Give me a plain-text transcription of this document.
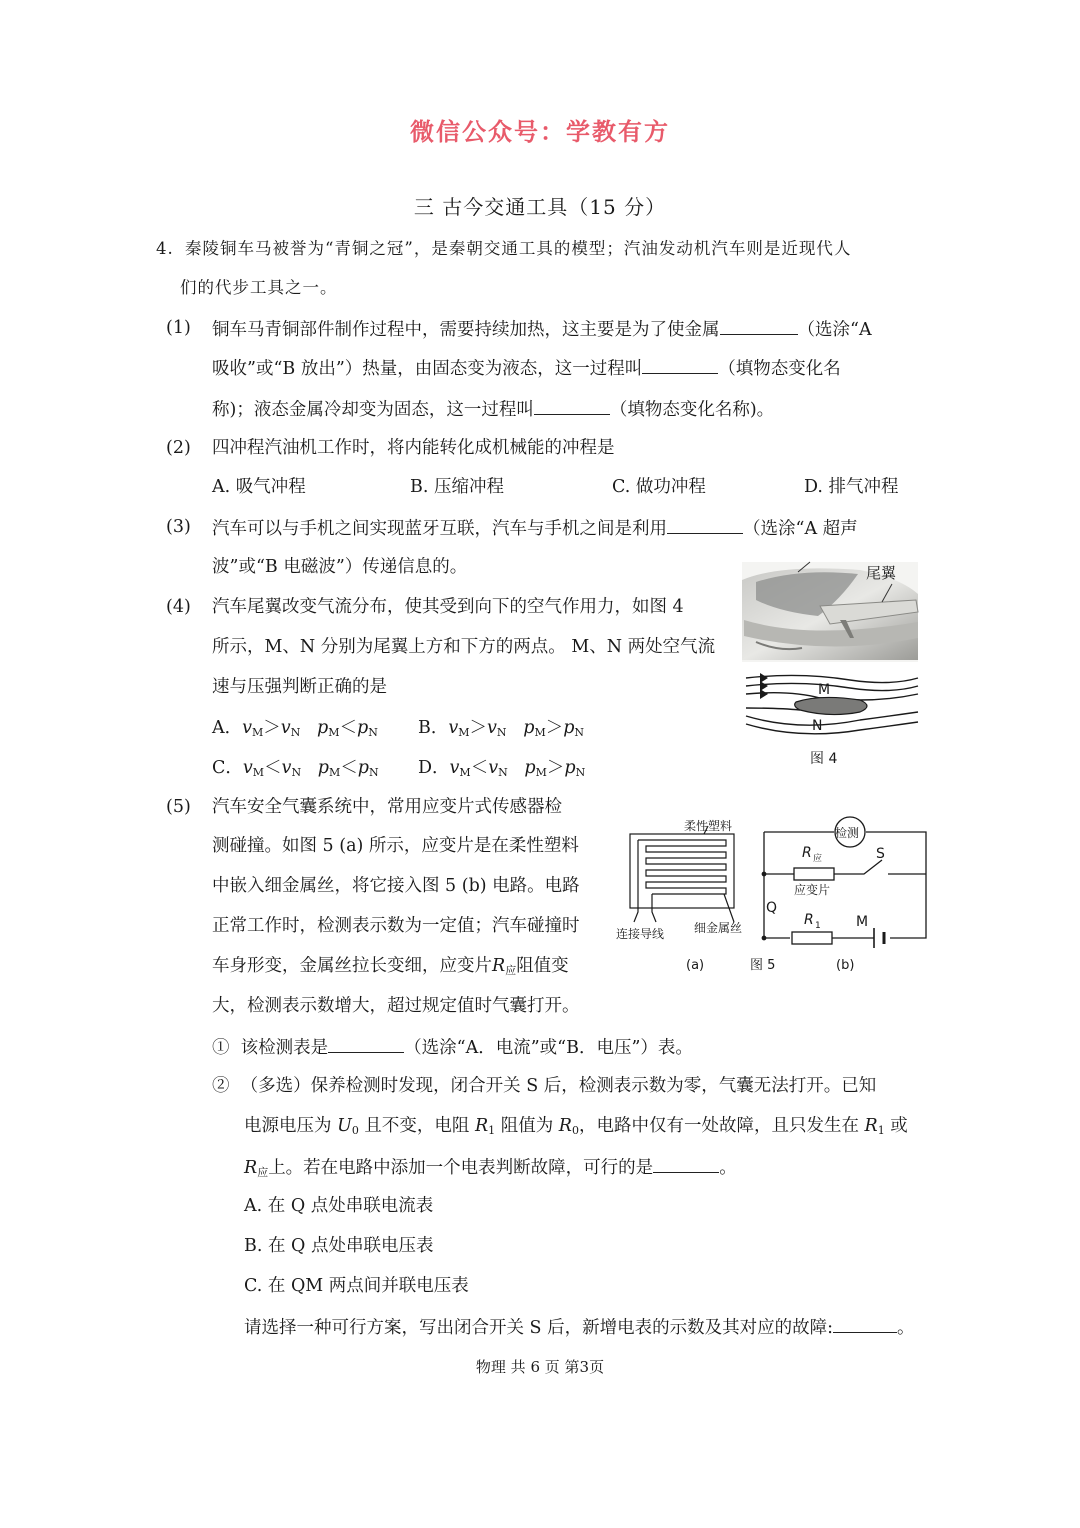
微信公众号：学教有方
三 古今交通工具（15 分）
4. 秦陵铜车马被誉为“青铜之冠”，是秦朝交通工具的模型；汽油发动机汽车则是近现代人
们的代步工具之一。
(1) 铜车马青铜部件制作过程中，需要持续加热，这主要是为了使金属	（选涂“A
吸收”或“B 放出”）热量，由固态变为液态，这一过程叫	（填物态变化名
称)；液态金属冷却变为固态，这一过程叫	（填物态变化名称)。
(2) 四冲程汽油机工作时，将内能转化成机械能的冲程是
A. 吸气冲程	B. 压缩冲程	C. 做功冲程	D. 排气冲程
(3) 汽车可以与手机之间实现蓝牙互联，汽车与手机之间是利用	（选涂“A 超声
波”或“B 电磁波”）传递信息的。
(4) 汽车尾翼改变气流分布，使其受到向下的空气作用力，如图 4
所示，M、N 分别为尾翼上方和下方的两点。 M、N 两处空气流
速与压强判断正确的是
A．$v_M>v_N$ $p_M<p_N$ B．$v_M>v_N$ $p_M>p_N$
C．$v_M<v_N$ $p_M<p_N$ D．$v_M<v_N$ $p_M>p_N$
尾翼
M
N
图 4
(5) 汽车安全气囊系统中，常用应变片式传感器检
测碰撞。如图 5 (a) 所示，应变片是在柔性塑料
中嵌入细金属丝，将它接入图 5 (b) 电路。电路
正常工作时，检测表示数为一定值；汽车碰撞时
车身形变，金属丝拉长变细，应变片$R_应$阻值变
大，检测表示数增大，超过规定值时气囊打开。
柔性塑料
连接导线 细金属丝
检测
R 应
应变片
S
Q
R 1	M
(a)	图 5	(b)
① 该检测表是	（选涂“A．电流”或“B．电压”）表。
② （多选）保养检测时发现，闭合开关 S 后，检测表示数为零，气囊无法打开。已知
电源电压为 $U_0$ 且不变，电阻 $R_1$ 阻值为 $R_0$，电路中仅有一处故障，且只发生在 $R_1$ 或
$R_应$上。若在电路中添加一个电表判断故障，可行的是	。
A. 在 Q 点处串联电流表
B. 在 Q 点处串联电压表
C. 在 QM 两点间并联电压表
请选择一种可行方案，写出闭合开关 S 后，新增电表的示数及其对应的故障:	。
物理 共 6 页 第3页
